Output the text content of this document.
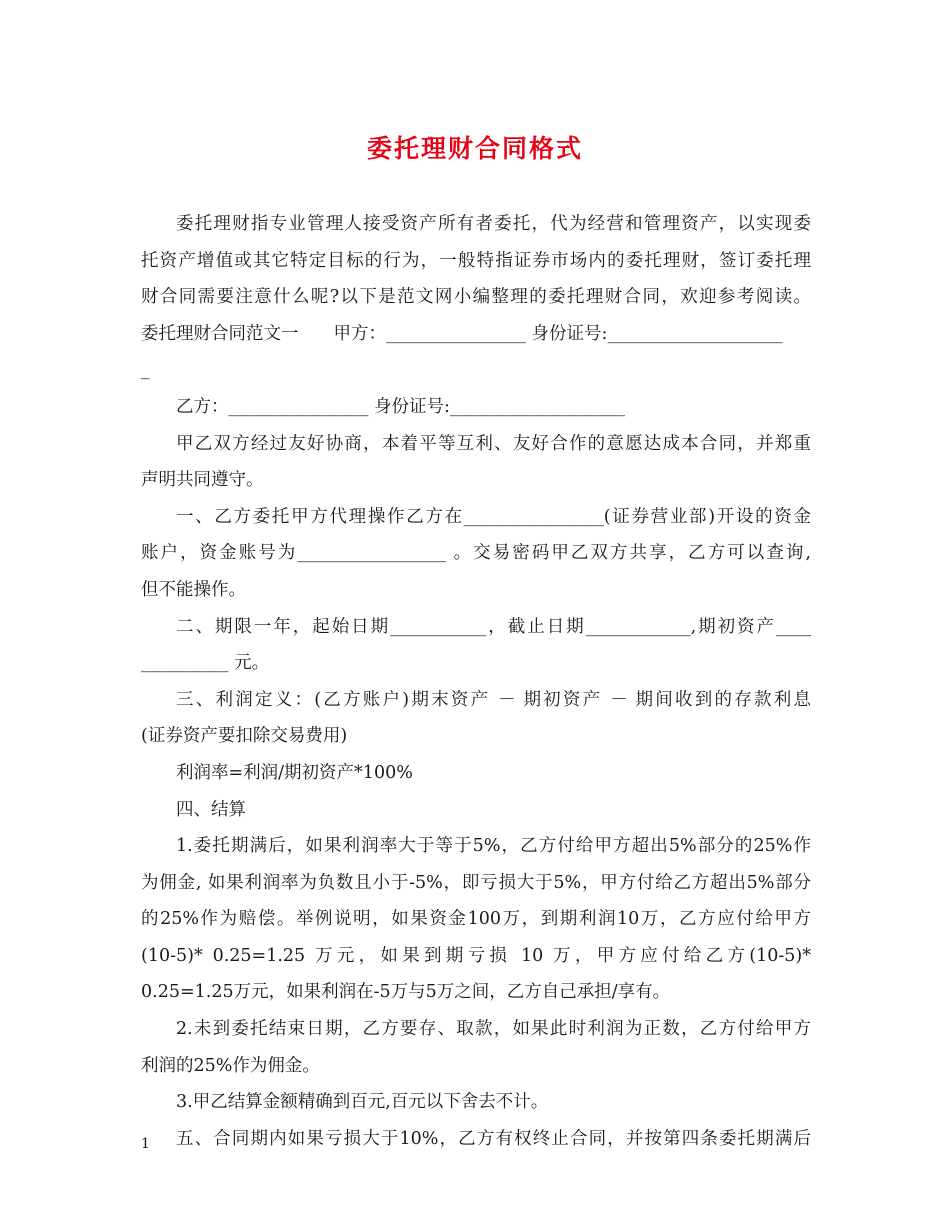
委托理财合同格式
委托理财指专业管理人接受资产所有者委托，代为经营和管理资产，以实现委
托资产增值或其它特定目标的行为，一般特指证券市场内的委托理财，签订委托理
财合同需要注意什么呢?以下是范文网小编整理的委托理财合同，欢迎参考阅读。
委托理财合同范文一　　甲方：________________ 身份证号:____________________
_
乙方：________________ 身份证号:____________________
甲乙双方经过友好协商，本着平等互利、友好合作的意愿达成本合同，并郑重
声明共同遵守。
一、乙方委托甲方代理操作乙方在________________(证券营业部)开设的资金
账户，资金账号为_________________ 。交易密码甲乙双方共享，乙方可以查询,
但不能操作。
二、期限一年，起始日期___________，截止日期____________,期初资产____
__________ 元。
三、利润定义：(乙方账户)期末资产 － 期初资产 － 期间收到的存款利息
(证券资产要扣除交易费用)
利润率=利润/期初资产*100%
四、结算
1.委托期满后，如果利润率大于等于5%，乙方付给甲方超出5%部分的25%作
为佣金, 如果利润率为负数且小于-5%，即亏损大于5%，甲方付给乙方超出5%部分
的25%作为赔偿。举例说明，如果资金100万，到期利润10万，乙方应付给甲方
(10-5)* 0.25=1.25 万元，如果到期亏损 10 万，甲方应付给乙方(10-5)*
0.25=1.25万元，如果利润在-5万与5万之间，乙方自己承担/享有。
2.未到委托结束日期，乙方要存、取款，如果此时利润为正数，乙方付给甲方
利润的25%作为佣金。
3.甲乙结算金额精确到百元,百元以下舍去不计。
五、合同期内如果亏损大于10%，乙方有权终止合同，并按第四条委托期满后
1
